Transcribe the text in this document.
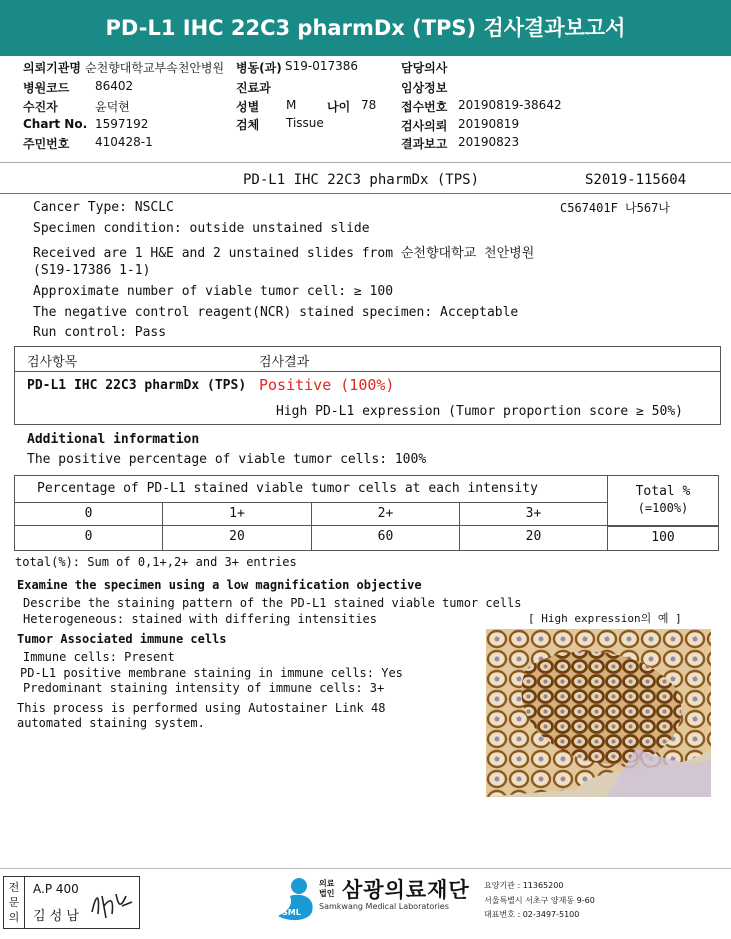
PD-L1 IHC 22C3 pharmDx (TPS) 검사결과보고서
의뢰기관명 순천향대학교부속천안병원 병동(과) S19-017386	담당의사
병원코드 86402	진료과	임상정보
수진자	윤덕현	성별 M	나이 78 접수번호 20190819-38642
Chart No. 1597192	검체 Tissue	검사의뢰 20190819
주민번호 410428-1	결과보고 20190823
PD-L1 IHC 22C3 pharmDx (TPS)	S2019-115604
C567401F 나567나
Cancer Type: NSCLC
Specimen condition: outside unstained slide
Received are 1 H&E and 2 unstained slides from 순천향대학교 천안병원
(S19-17386 1-1)
Approximate number of viable tumor cell: ≥ 100
The negative control reagent(NCR) stained specimen: Acceptable
Run control: Pass
검사항목	검사결과
PD-L1 IHC 22C3 pharmDx (TPS) Positive (100%)
High PD-L1 expression (Tumor proportion score ≥ 50%)
Additional information
The positive percentage of viable tumor cells: 100%
Percentage of PD-L1 stained viable tumor cells at each intensity
0	1+	2+	3+
Total %
(=100%)
0	20	60	20	100
total(%): Sum of 0,1+,2+ and 3+ entries
Examine the specimen using a low magnification objective
Describe the staining pattern of the PD-L1 stained viable tumor cells
Heterogeneous: stained with differing intensities	[ High expression의 예 ]
Tumor Associated immune cells
Immune cells: Present
PD-L1 positive membrane staining in immune cells: Yes
Predominant staining intensity of immune cells: 3+
This process is performed using Autostainer Link 48
automated staining system.
전
문
의
A.P 400
김 성 남	SML
의료
법인 삼광의료재단
Samkwang Medical Laboratories
요양기관 : 11365200
서울특별시 서초구 양재동 9-60
대표번호 : 02-3497-5100
